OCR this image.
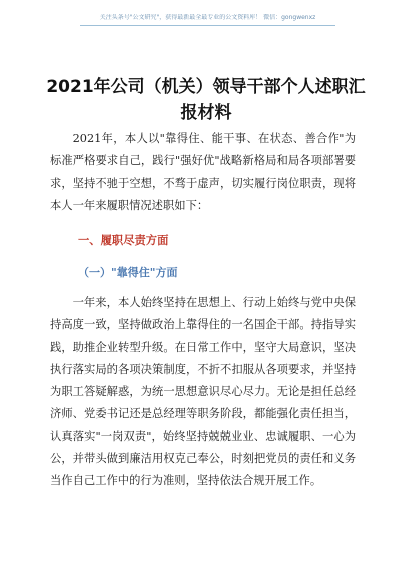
关注头条号"公文研究"，获得最新最全最专业的公文资料库！ 微信：gongwenxz
2021年公司（机关）领导干部个人述职汇报材料

2021年，本人以"靠得住、能干事、在状态、善合作"为标准严格要求自己，践行"强好优"战略新格局和局各项部署要求，坚持不驰于空想，不骛于虚声，切实履行岗位职责，现将本人一年来履职情况述职如下：

一、履职尽责方面
（一）"靠得住"方面

一年来，本人始终坚持在思想上、行动上始终与党中央保持高度一致，坚持做政治上靠得住的一名国企干部。持指导实践，助推企业转型升级。在日常工作中，坚守大局意识，坚决执行落实局的各项决策制度，不折不扣服从各项要求，并坚持为职工答疑解惑，为统一思想意识尽心尽力。无论是担任总经济师、党委书记还是总经理等职务阶段，都能强化责任担当，认真落实"一岗双责"，始终坚持兢兢业业、忠诚履职、一心为公，并带头做到廉洁用权克己奉公，时刻把党员的责任和义务当作自己工作中的行为准则，坚持依法合规开展工作。
